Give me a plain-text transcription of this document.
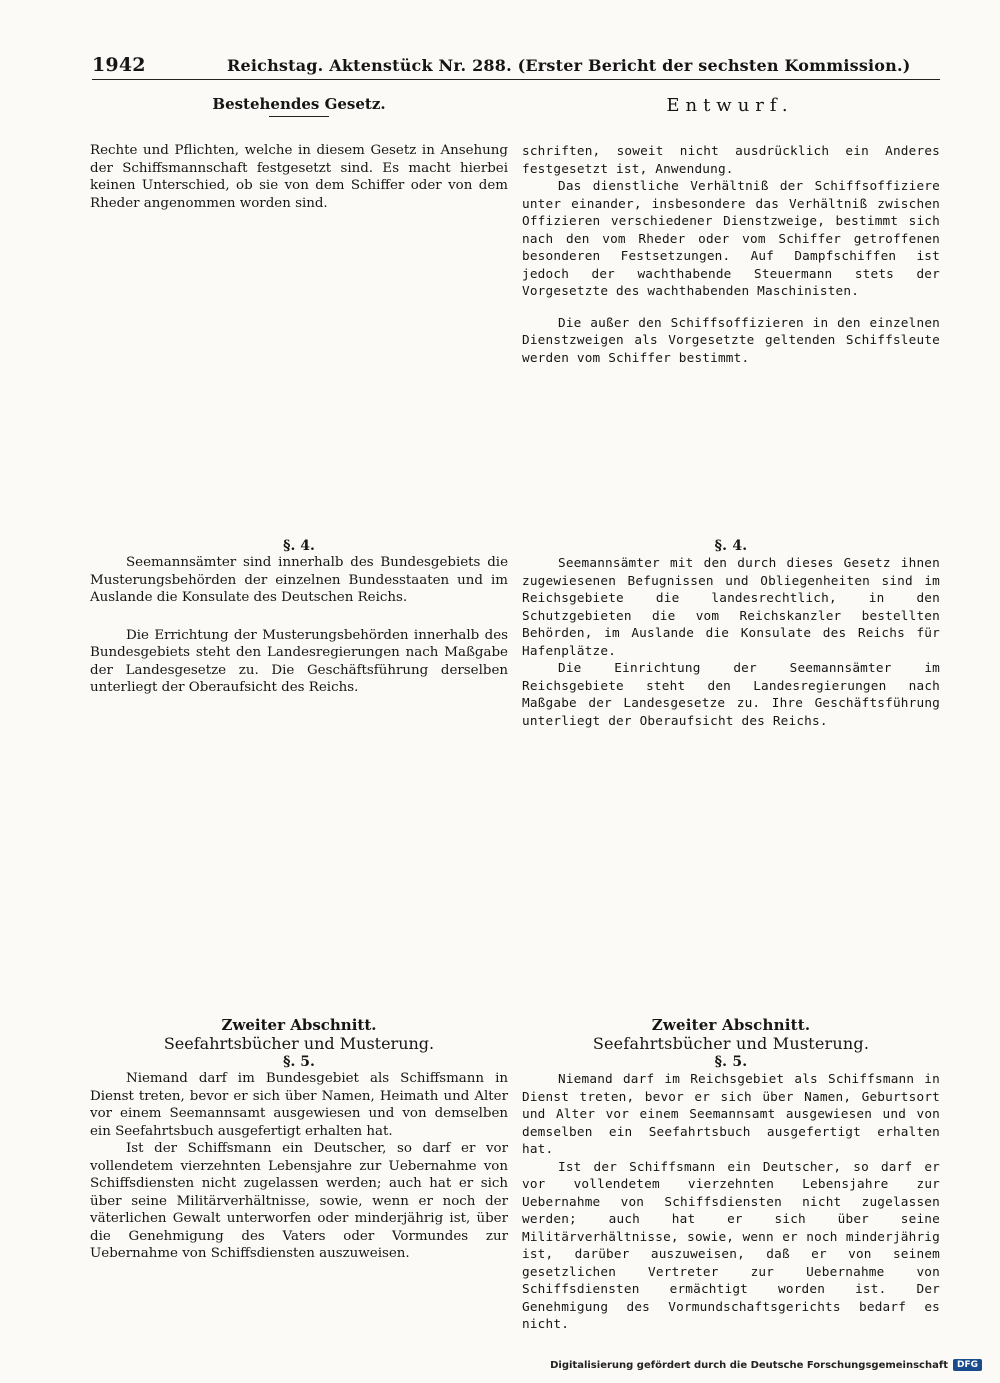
1942	Reichstag. Aktenstück Nr. 288. (Erster Bericht der sechsten Kommission.)
Bestehendes Gesetz.	Entwurf.

Rechte und Pflichten, welche in diesem Gesetz in Ansehung der Schiffsmannschaft festgesetzt sind. Es macht hierbei keinen Unterschied, ob sie von dem Schiffer oder von dem Rheder angenommen worden sind.

§. 4.

Seemannsämter sind innerhalb des Bundesgebiets die Musterungsbehörden der einzelnen Bundesstaaten und im Auslande die Konsulate des Deutschen Reichs.

Die Errichtung der Musterungsbehörden innerhalb des Bundesgebiets steht den Landesregierungen nach Maßgabe der Landesgesetze zu. Die Geschäftsführung derselben unterliegt der Oberaufsicht des Reichs.

Zweiter Abschnitt.
Seefahrtsbücher und Musterung.
§. 5.

Niemand darf im Bundesgebiet als Schiffsmann in Dienst treten, bevor er sich über Namen, Heimath und Alter vor einem Seemannsamt ausgewiesen und von demselben ein Seefahrtsbuch ausgefertigt erhalten hat.

Ist der Schiffsmann ein Deutscher, so darf er vor vollendetem vierzehnten Lebensjahre zur Uebernahme von Schiffsdiensten nicht zugelassen werden; auch hat er sich über seine Militärverhältnisse, sowie, wenn er noch der väterlichen Gewalt unterworfen oder minderjährig ist, über die Genehmigung des Vaters oder Vormundes zur Uebernahme von Schiffsdiensten auszuweisen.

schriften, soweit nicht ausdrücklich ein Anderes festgesetzt ist, Anwendung.

Das dienstliche Verhältniß der Schiffsoffiziere unter einander, insbesondere das Verhältniß zwischen Offizieren verschiedener Dienstzweige, bestimmt sich nach den vom Rheder oder vom Schiffer getroffenen besonderen Festsetzungen. Auf Dampfschiffen ist jedoch der wachthabende Steuermann stets der Vorgesetzte des wachthabenden Maschinisten.

Die außer den Schiffsoffizieren in den einzelnen Dienstzweigen als Vorgesetzte geltenden Schiffsleute werden vom Schiffer bestimmt.

§. 4.

Seemannsämter mit den durch dieses Gesetz ihnen zugewiesenen Befugnissen und Obliegenheiten sind im Reichsgebiete die landesrechtlich, in den Schutzgebieten die vom Reichskanzler bestellten Behörden, im Auslande die Konsulate des Reichs für Hafenplätze.

Die Einrichtung der Seemannsämter im Reichsgebiete steht den Landesregierungen nach Maßgabe der Landesgesetze zu. Ihre Geschäftsführung unterliegt der Oberaufsicht des Reichs.

Zweiter Abschnitt.
Seefahrtsbücher und Musterung.
§. 5.

Niemand darf im Reichsgebiet als Schiffsmann in Dienst treten, bevor er sich über Namen, Geburtsort und Alter vor einem Seemannsamt ausgewiesen und von demselben ein Seefahrtsbuch ausgefertigt erhalten hat.

Ist der Schiffsmann ein Deutscher, so darf er vor vollendetem vierzehnten Lebensjahre zur Uebernahme von Schiffsdiensten nicht zugelassen werden; auch hat er sich über seine Militärverhältnisse, sowie, wenn er noch minderjährig ist, darüber auszuweisen, daß er von seinem gesetzlichen Vertreter zur Uebernahme von Schiffsdiensten ermächtigt worden ist. Der Genehmigung des Vormundschaftsgerichts bedarf es nicht.

Digitalisierung gefördert durch die Deutsche Forschungsgemeinschaft	DFG
